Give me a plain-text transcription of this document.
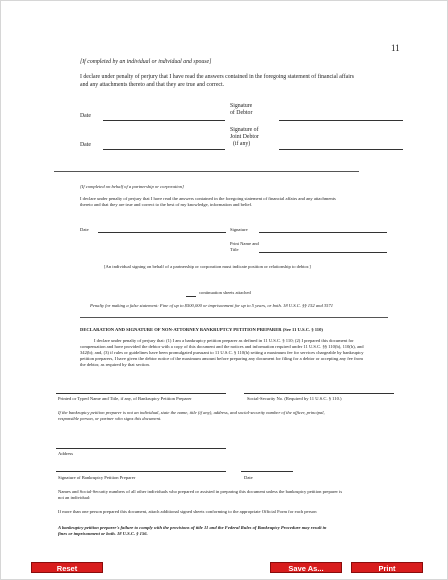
11
[If completed by an individual or individual and spouse]
I declare under penalty of perjury that I have read the answers contained in the foregoing statement of financial affairs
and any attachments thereto and that they are true and correct.
Date
Signature
of Debtor
Date
Signature of
Joint Debtor
(if any)
[If completed on behalf of a partnership or corporation]
I declare under penalty of perjury that I have read the answers contained in the foregoing statement of financial affairs and any attachments
thereto and that they are true and correct to the best of my knowledge, information and belief.
Date	Signature
Print Name and
Title
[An individual signing on behalf of a partnership or corporation must indicate position or relationship to debtor.]
continuation sheets attached
Penalty for making a false statement: Fine of up to $500,000 or imprisonment for up to 5 years, or both. 18 U.S.C. §§ 152 and 3571
DECLARATION AND SIGNATURE OF NON-ATTORNEY BANKRUPTCY PETITION PREPARER (See 11 U.S.C. § 110)
I declare under penalty of perjury that: (1) I am a bankruptcy petition preparer as defined in 11 U.S.C. § 110; (2) I prepared this document for
compensation and have provided the debtor with a copy of this document and the notices and information required under 11 U.S.C. §§ 110(b), 110(h), and
342(b); and, (3) if rules or guidelines have been promulgated pursuant to 11 U.S.C. § 110(h) setting a maximum fee for services chargeable by bankruptcy
petition preparers, I have given the debtor notice of the maximum amount before preparing any document for filing for a debtor or accepting any fee from
the debtor, as required by that section.
Printed or Typed Name and Title, if any, of Bankruptcy Petition Preparer	Social-Security No. (Required by 11 U.S.C. § 110.)
If the bankruptcy petition preparer is not an individual, state the name, title (if any), address, and social-security number of the officer, principal,
responsible person, or partner who signs this document.
Address
Signature of Bankruptcy Petition Preparer	Date
Names and Social-Security numbers of all other individuals who prepared or assisted in preparing this document unless the bankruptcy petition preparer is
not an individual:
If more than one person prepared this document, attach additional signed sheets conforming to the appropriate Official Form for each person
A bankruptcy petition preparer's failure to comply with the provisions of title 11 and the Federal Rules of Bankruptcy Procedure may result in
fines or imprisonment or both. 18 U.S.C. § 156.
Reset	Save As...	Print
